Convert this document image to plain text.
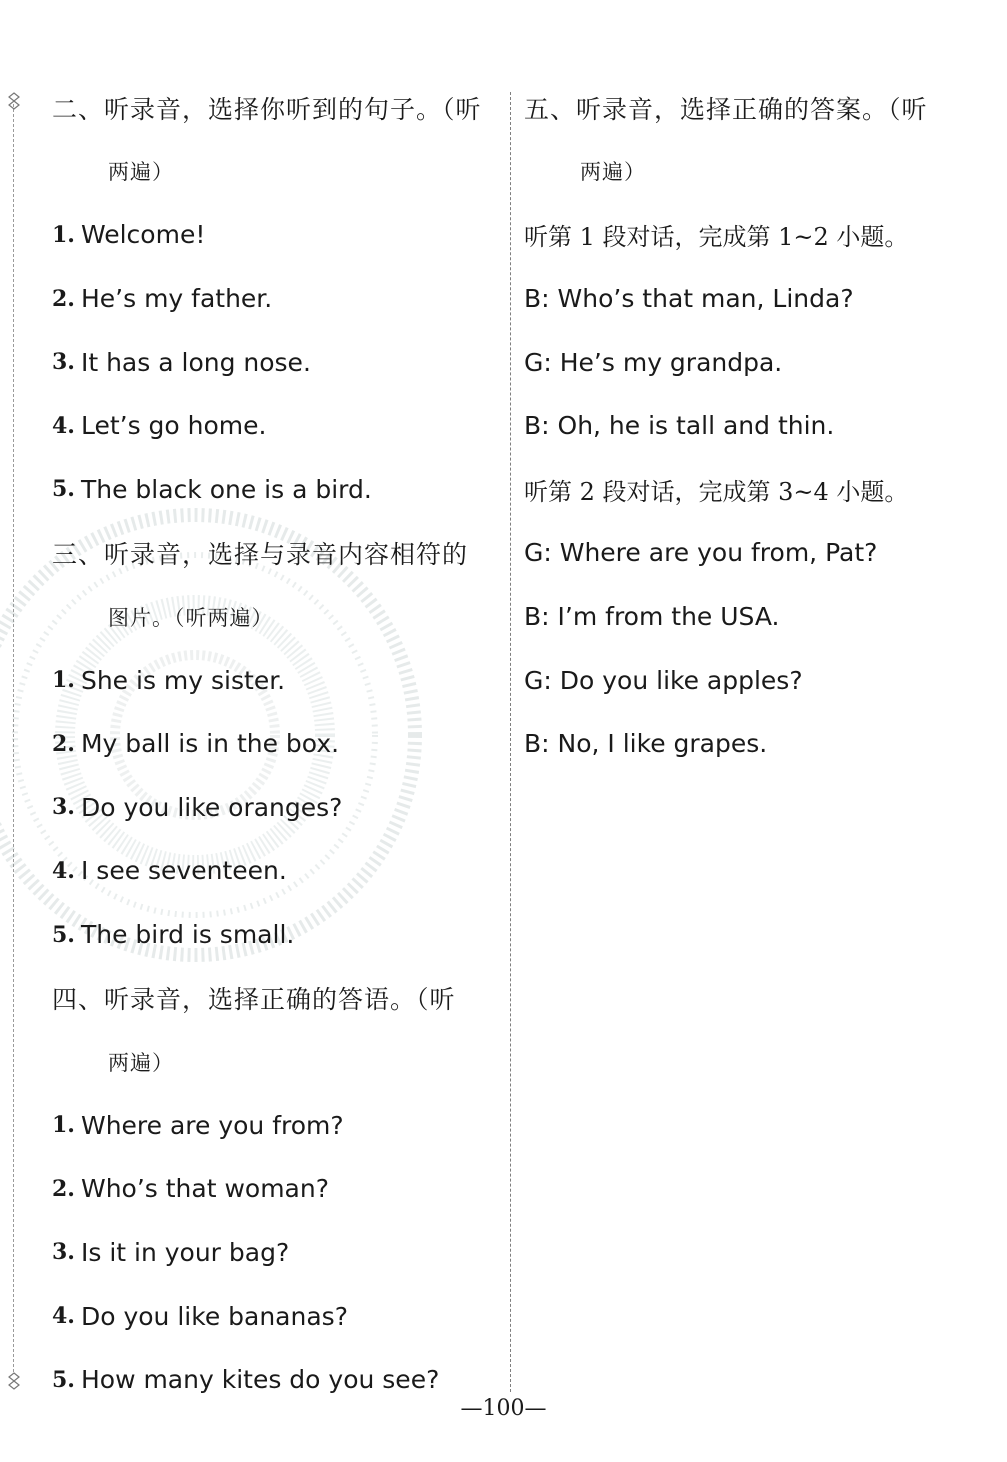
二、听录音，选择你听到的句子。（听
两遍）
1. Welcome!
2. He’s my father.
3. It has a long nose.
4. Let’s go home.
5. The black one is a bird.
三、听录音，选择与录音内容相符的
图片。（听两遍）
1. She is my sister.
2. My ball is in the box.
3. Do you like oranges?
4. I see seventeen.
5. The bird is small.
四、听录音，选择正确的答语。（听
两遍）
1. Where are you from?
2. Who’s that woman?
3. Is it in your bag?
4. Do you like bananas?
5. How many kites do you see?
五、听录音，选择正确的答案。（听
两遍）
听第 1 段对话，完成第 1~2 小题。
B: Who’s that man, Linda?
G: He’s my grandpa.
B: Oh, he is tall and thin.
听第 2 段对话，完成第 3~4 小题。
G: Where are you from, Pat?
B: I’m from the USA.
G: Do you like apples?
B: No, I like grapes.
—100—
